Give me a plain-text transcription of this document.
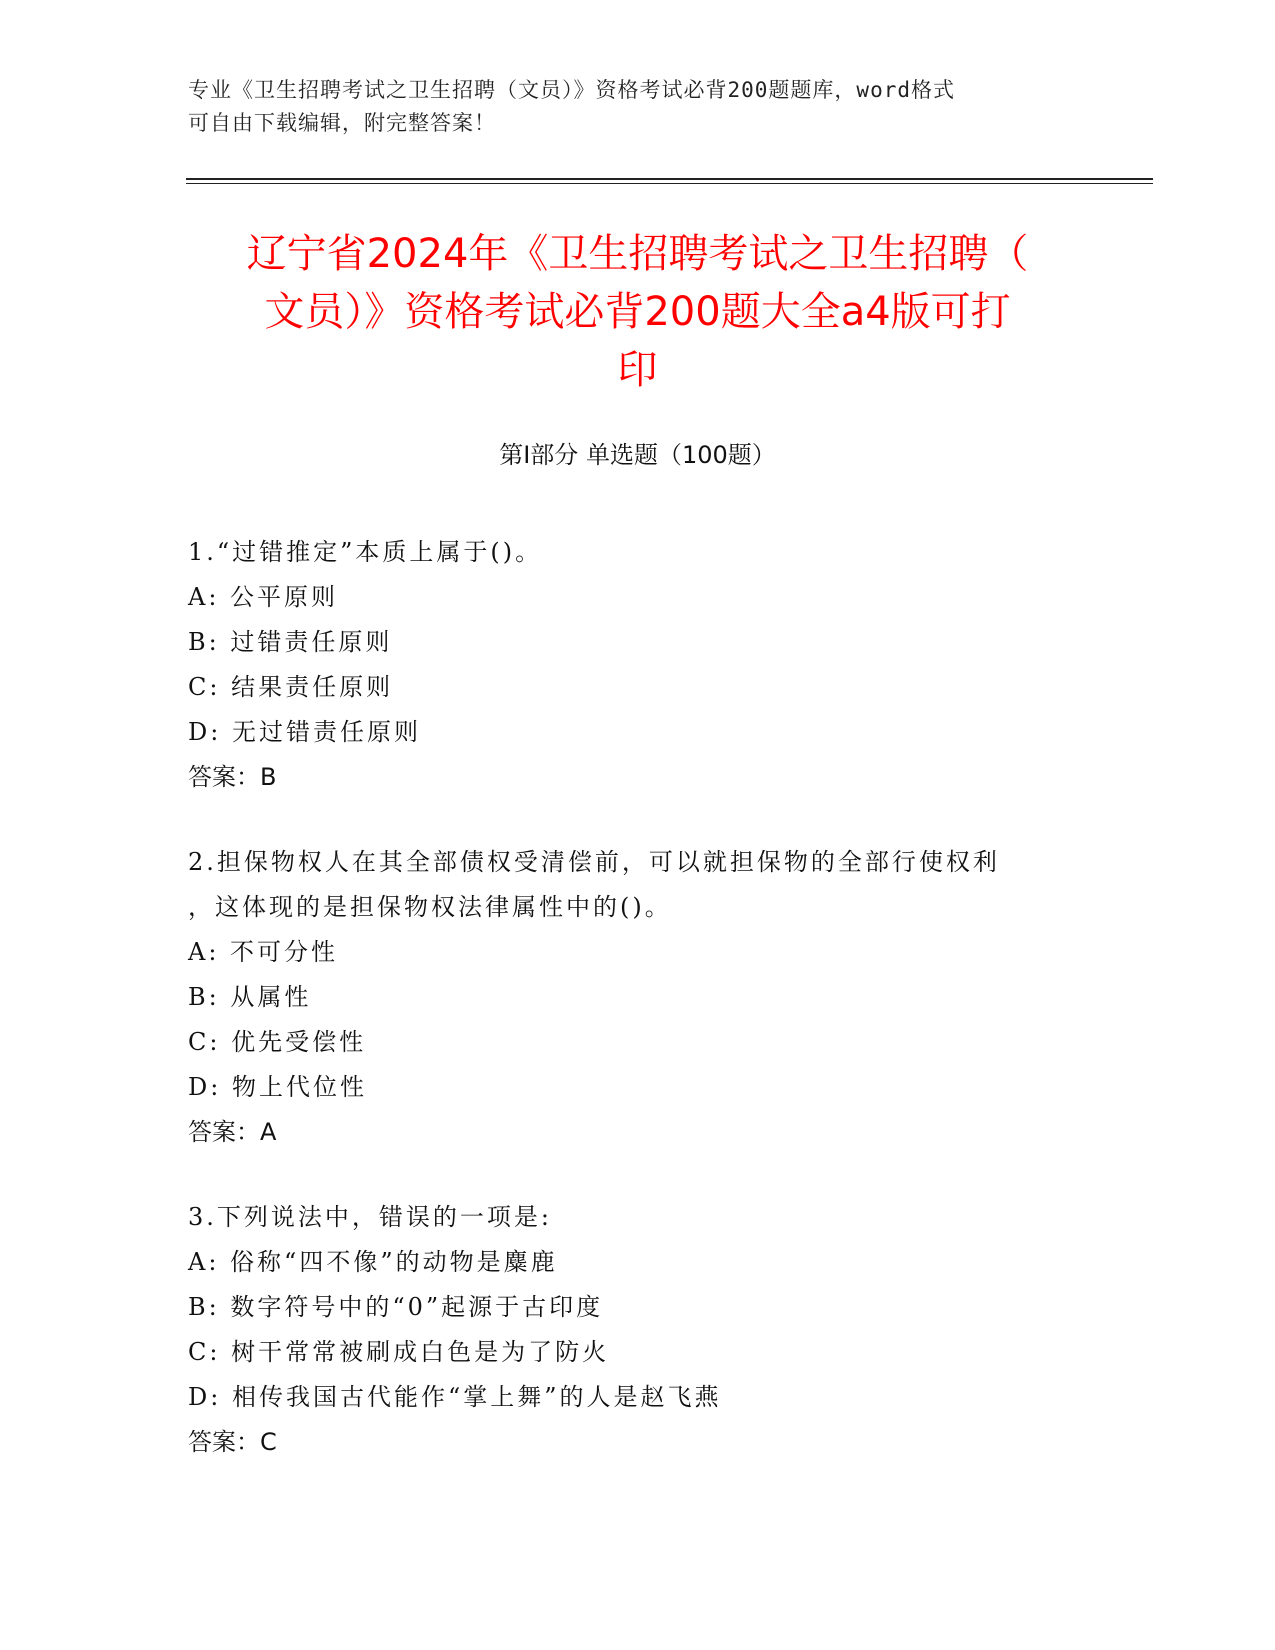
专业《卫生招聘考试之卫生招聘（文员）》资格考试必背200题题库，word格式
可自由下载编辑，附完整答案！
辽宁省2024年《卫生招聘考试之卫生招聘（
文员）》资格考试必背200题大全a4版可打
印
第Ⅰ部分 单选题（100题）
1.“过错推定”本质上属于()。
A: 公平原则
B: 过错责任原则
C: 结果责任原则
D: 无过错责任原则
答案：B
2.担保物权人在其全部债权受清偿前，可以就担保物的全部行使权利
，这体现的是担保物权法律属性中的()。
A: 不可分性
B: 从属性
C: 优先受偿性
D: 物上代位性
答案：A
3.下列说法中，错误的一项是:
A: 俗称“四不像”的动物是麋鹿
B: 数字符号中的“0”起源于古印度
C: 树干常常被刷成白色是为了防火
D: 相传我国古代能作“掌上舞”的人是赵飞燕
答案：C
